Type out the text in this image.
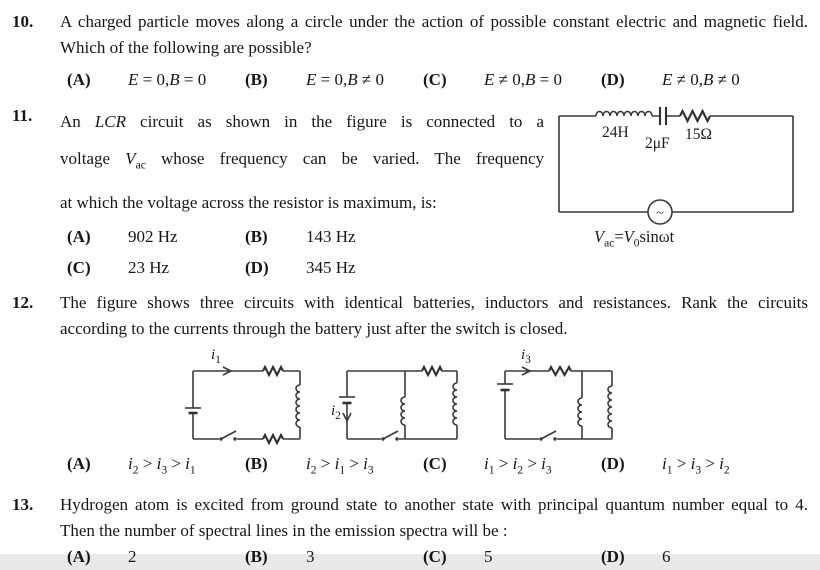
10.	A charged particle moves along a circle under the action of possible constant electric and magnetic field.
Which of the following are possible?
(A)	E = 0,B = 0 (B)	E = 0,B ≠ 0 (C)	E ≠ 0,B = 0 (D)	E ≠ 0,B ≠ 0
11.	An LCR circuit as shown in the figure is connected to a
voltage $V_{ac}$ whose frequency can be varied. The frequency
at which the voltage across the resistor is maximum, is:
(A)	902 Hz	(B)	143 Hz
(C)	23 Hz	(D)	345 Hz
~
24H
2μF
15Ω
$V_{ac}=V_0\sin\omega t$
12.	The figure shows three circuits with identical batteries, inductors and resistances. Rank the circuits
according to the currents through the battery just after the switch is closed.
$i_1$
$i_2$
$i_3$
(A)	$i_2 > i_3 > i_1$	(B)	$i_2 > i_1 > i_3$	(C)	$i_1 > i_2 > i_3$	(D)	$i_1 > i_3 > i_2$
13.	Hydrogen atom is excited from ground state to another state with principal quantum number equal to 4.
Then the number of spectral lines in the emission spectra will be :
(A)	2	(B)	3	(C)	5	(D)	6
